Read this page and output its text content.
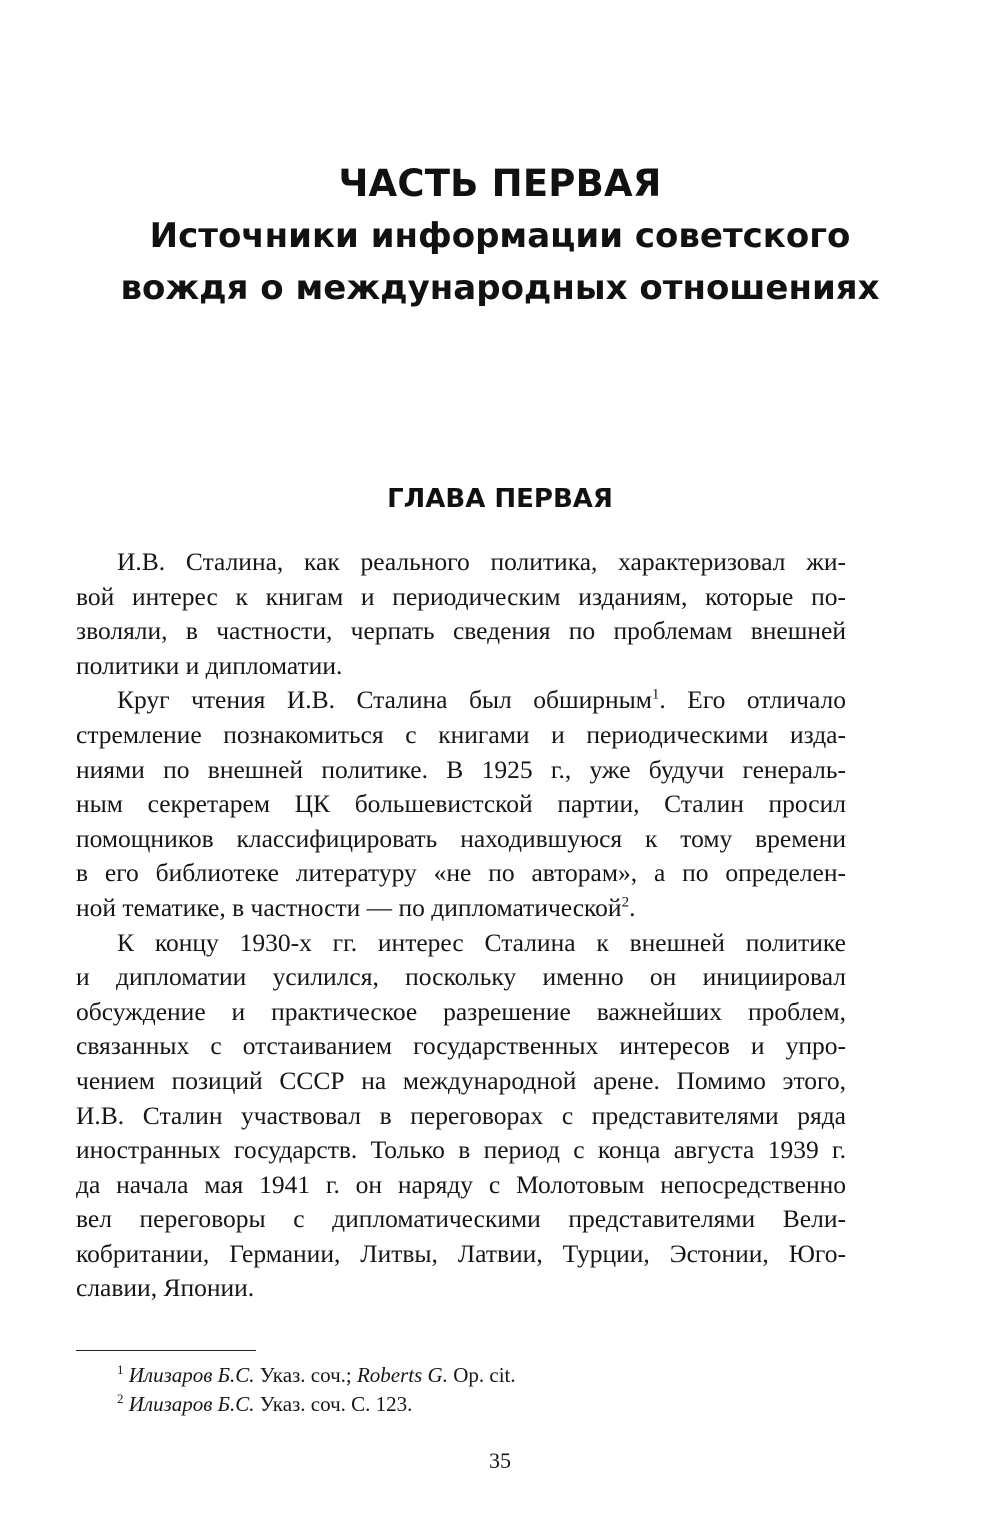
ЧАСТЬ ПЕРВАЯ
Источники информации советского
вождя о международных отношениях
ГЛАВА ПЕРВАЯ
И.В. Сталина, как реального политика, характеризовал жи-
вой интерес к книгам и периодическим изданиям, которые по-
зволяли, в частности, черпать сведения по проблемам внешней
политики и дипломатии.
Круг чтения И.В. Сталина был обширным$^1$. Его отличало
стремление познакомиться с книгами и периодическими изда-
ниями по внешней политике. В 1925 г., уже будучи генераль-
ным секретарем ЦК большевистской партии, Сталин просил
помощников классифицировать находившуюся к тому времени
в его библиотеке литературу «не по авторам», а по определен-
ной тематике, в частности — по дипломатической$^2$.
К концу 1930-х гг. интерес Сталина к внешней политике
и дипломатии усилился, поскольку именно он инициировал
обсуждение и практическое разрешение важнейших проблем,
связанных с отстаиванием государственных интересов и упро-
чением позиций СССР на международной арене. Помимо этого,
И.В. Сталин участвовал в переговорах с представителями ряда
иностранных государств. Только в период с конца августа 1939 г.
да начала мая 1941 г. он наряду с Молотовым непосредственно
вел переговоры с дипломатическими представителями Вели-
кобритании, Германии, Литвы, Латвии, Турции, Эстонии, Юго-
славии, Японии.
$^1$ Илизаров Б.С. Указ. соч.; Roberts G. Op. cit.
$^2$ Илизаров Б.С. Указ. соч. С. 123.
35
